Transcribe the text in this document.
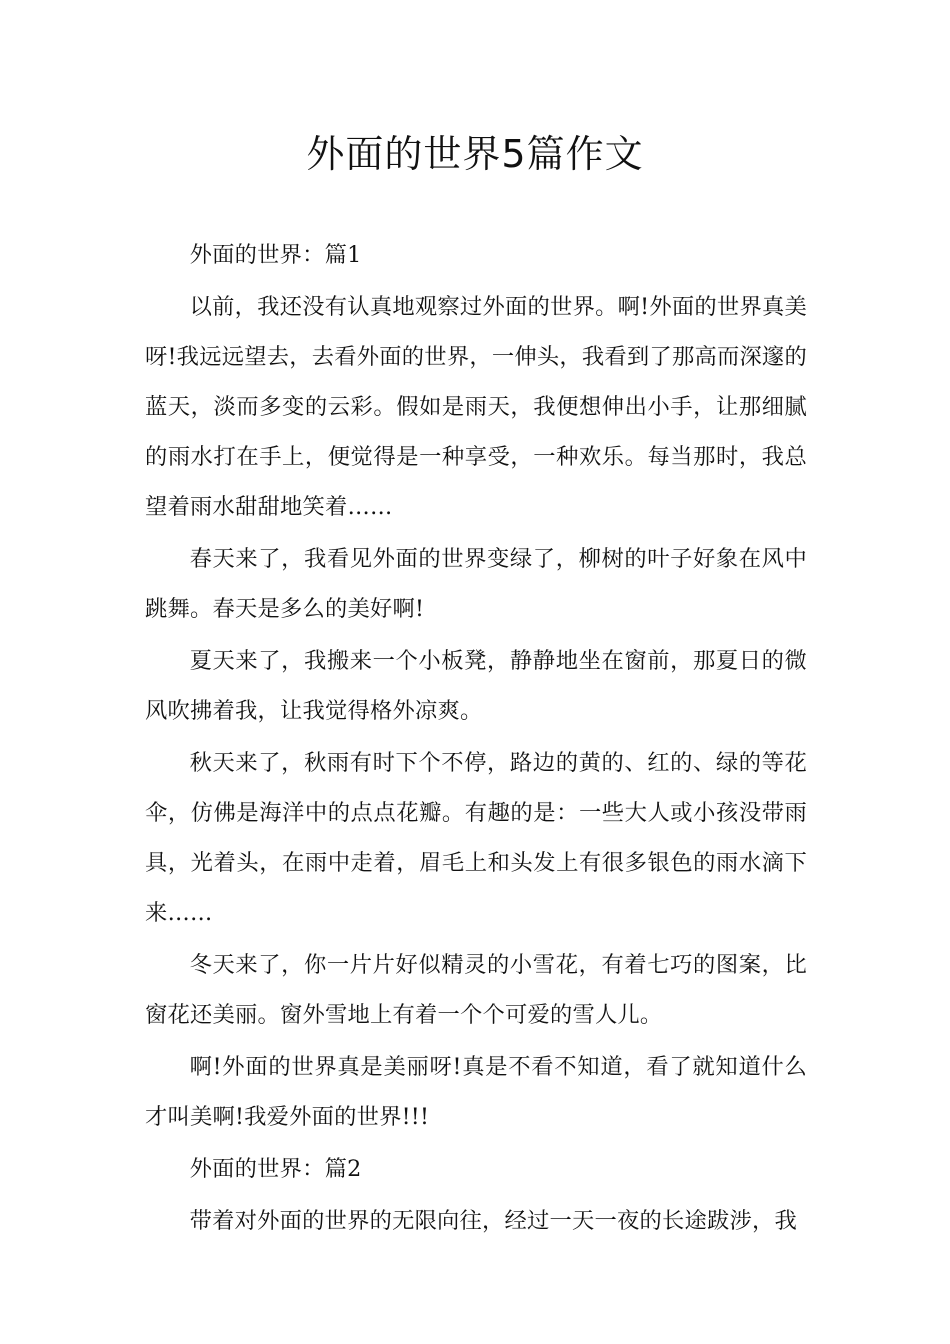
外面的世界5篇作文

外面的世界：篇1

以前，我还没有认真地观察过外面的世界。啊!外面的世界真美呀!我远远望去，去看外面的世界，一伸头，我看到了那高而深邃的蓝天，淡而多变的云彩。假如是雨天，我便想伸出小手，让那细腻的雨水打在手上，便觉得是一种享受，一种欢乐。每当那时，我总望着雨水甜甜地笑着……

春天来了，我看见外面的世界变绿了，柳树的叶子好象在风中跳舞。春天是多么的美好啊!

夏天来了，我搬来一个小板凳，静静地坐在窗前，那夏日的微风吹拂着我，让我觉得格外凉爽。

秋天来了，秋雨有时下个不停，路边的黄的、红的、绿的等花伞，仿佛是海洋中的点点花瓣。有趣的是：一些大人或小孩没带雨具，光着头，在雨中走着，眉毛上和头发上有很多银色的雨水滴下来……

冬天来了，你一片片好似精灵的小雪花，有着七巧的图案，比窗花还美丽。窗外雪地上有着一个个可爱的雪人儿。

啊!外面的世界真是美丽呀!真是不看不知道，看了就知道什么才叫美啊!我爱外面的世界!!!

外面的世界：篇2

带着对外面的世界的无限向往，经过一天一夜的长途跋涉，我
